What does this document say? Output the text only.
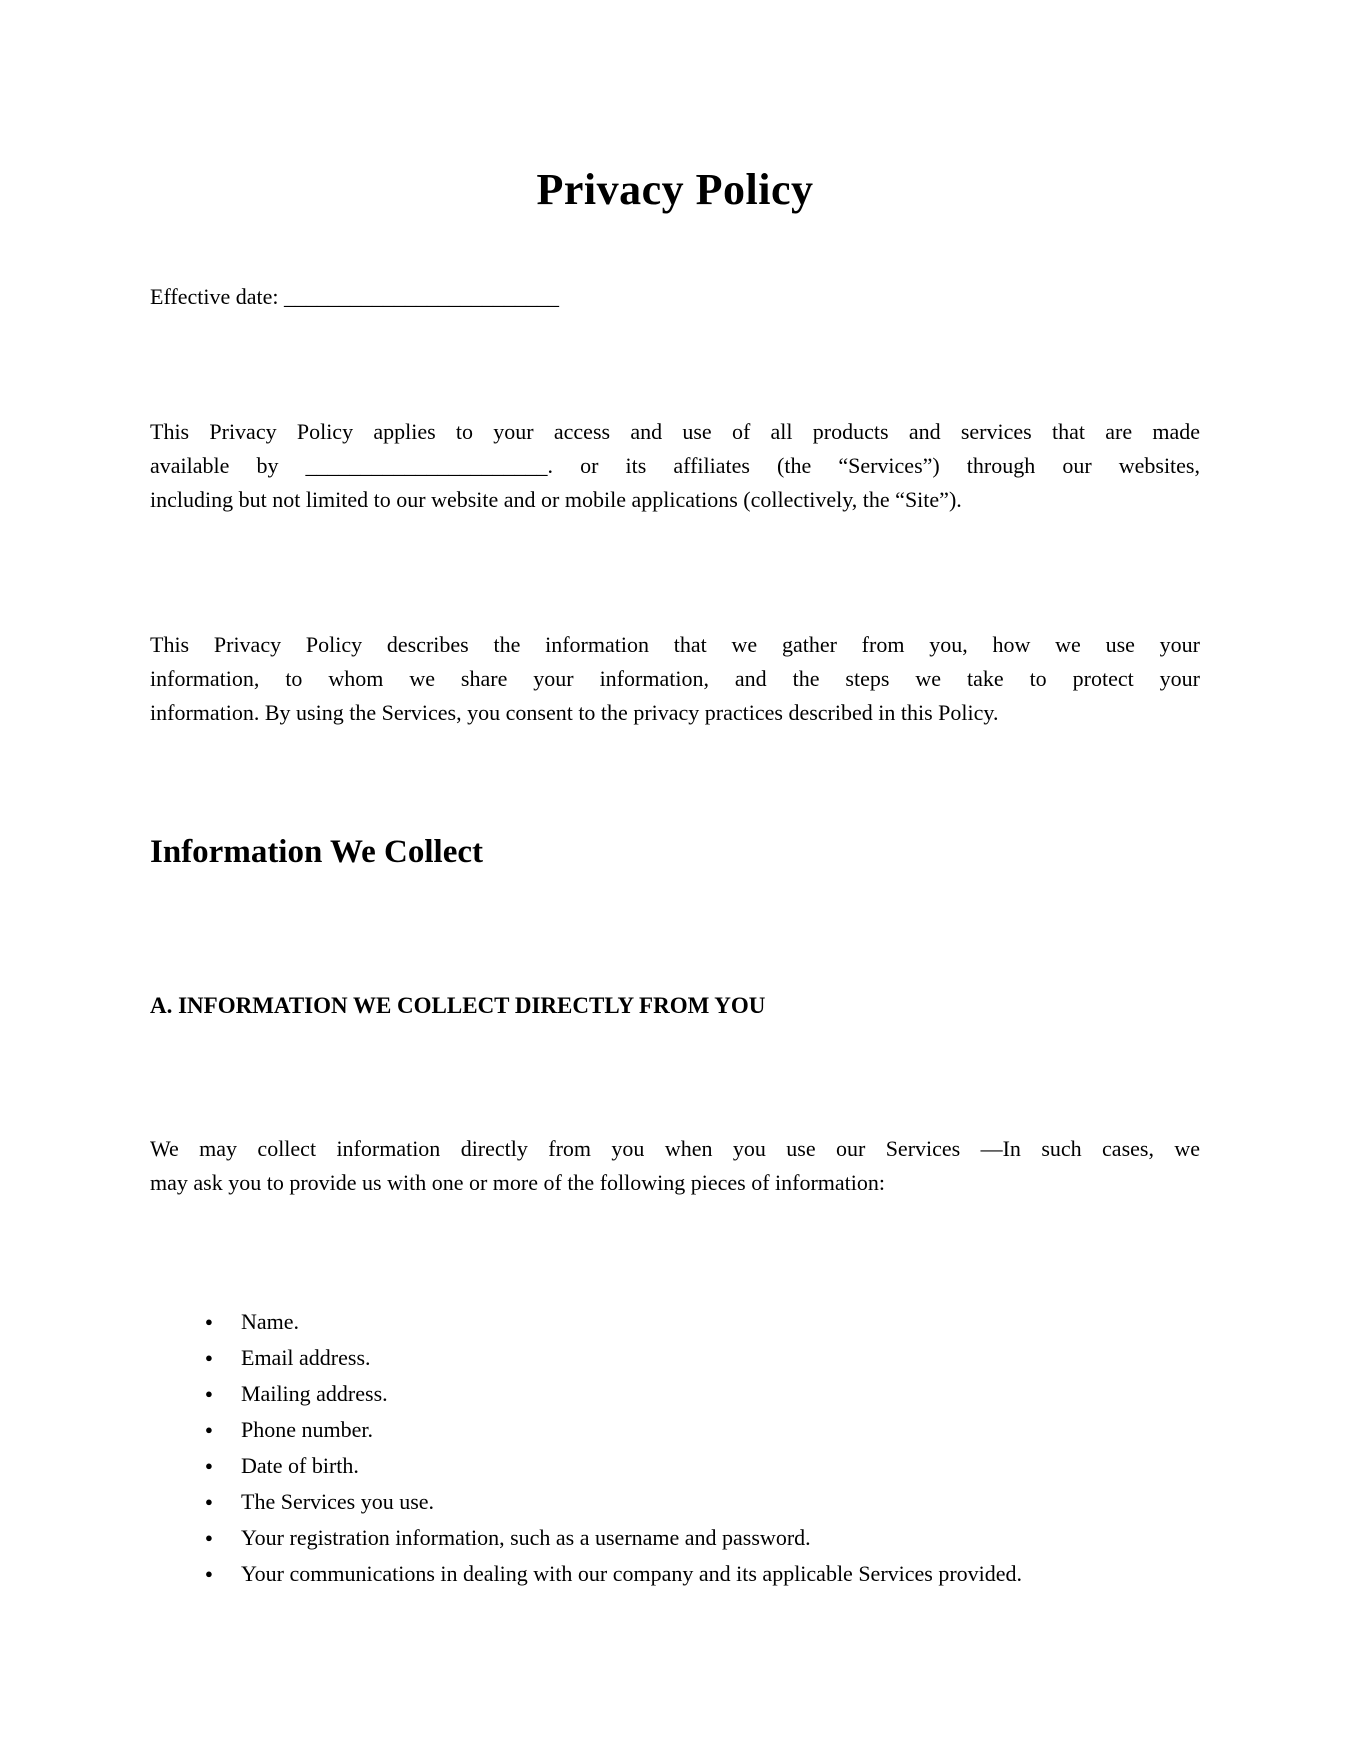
Privacy Policy

Effective date: _________________________

This Privacy Policy applies to your access and use of all products and services that are made
available by ______________________. or its affiliates (the “Services”) through our websites,
including but not limited to our website and or mobile applications (collectively, the “Site”).
This Privacy Policy describes the information that we gather from you, how we use your
information, to whom we share your information, and the steps we take to protect your
information. By using the Services, you consent to the privacy practices described in this Policy.
Information We Collect
A. INFORMATION WE COLLECT DIRECTLY FROM YOU
We may collect information directly from you when you use our Services —In such cases, we
may ask you to provide us with one or more of the following pieces of information:
● Name.
● Email address.
● Mailing address.
● Phone number.
● Date of birth.
● The Services you use.
● Your registration information, such as a username and password.
● Your communications in dealing with our company and its applicable Services provided.
